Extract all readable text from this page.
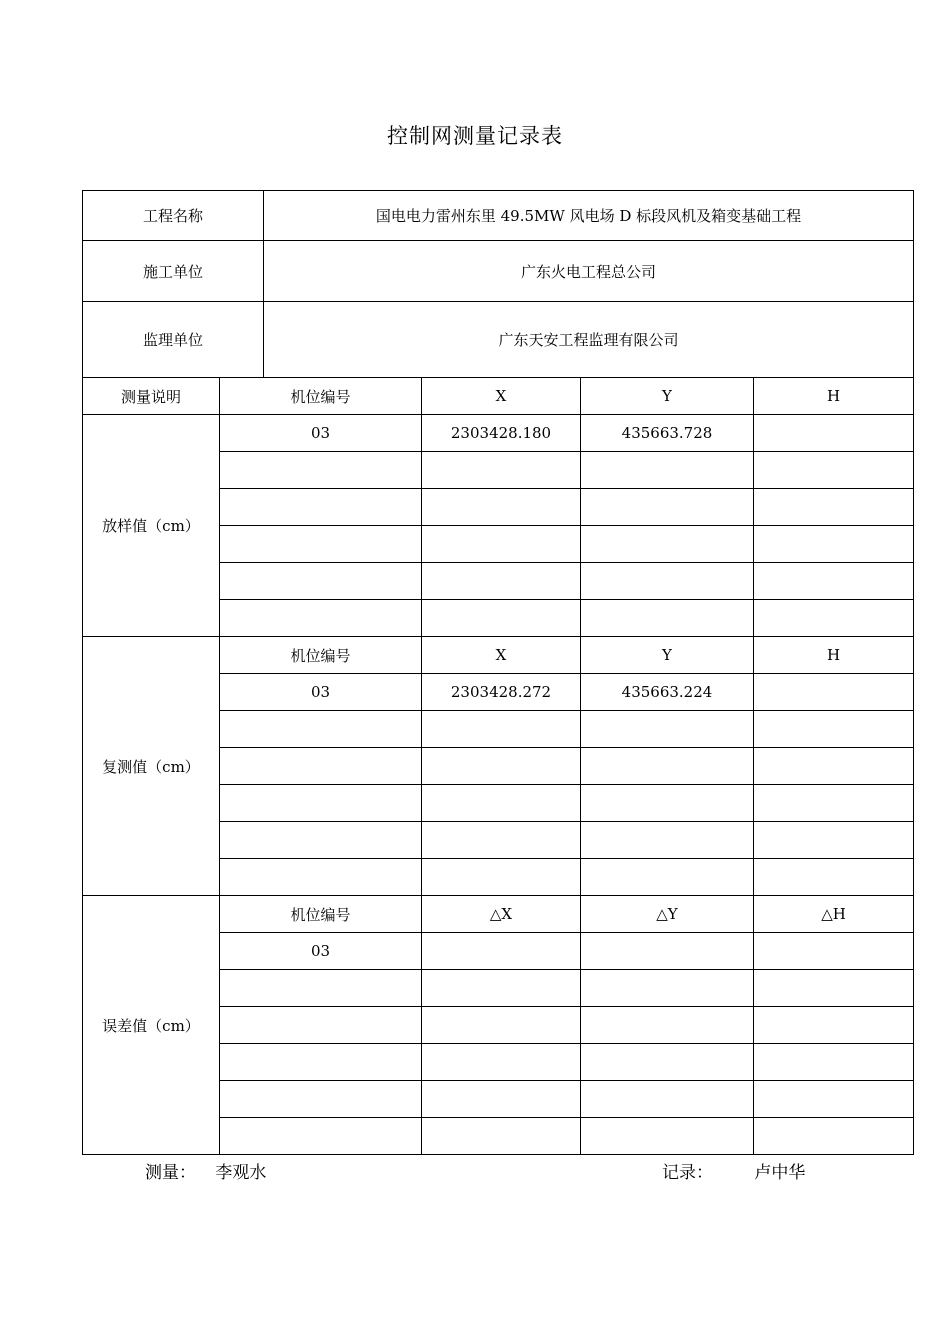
控制网测量记录表
工程名称		国电电力雷州东里 49.5MW 风电场 D 标段风机及箱变基础工程			
施工单位		广东火电工程总公司			
监理单位		广东天安工程监理有限公司			
测量说明	机位编号		X	Y	H
放样值（cm）	03		2303428.180	435663.728	

复测值（cm）	机位编号		X	Y	H
	03		2303428.272	435663.224	

误差值（cm）	机位编号		△X	△Y	△H
	03				

测量： 李观水	记录： 卢中华
